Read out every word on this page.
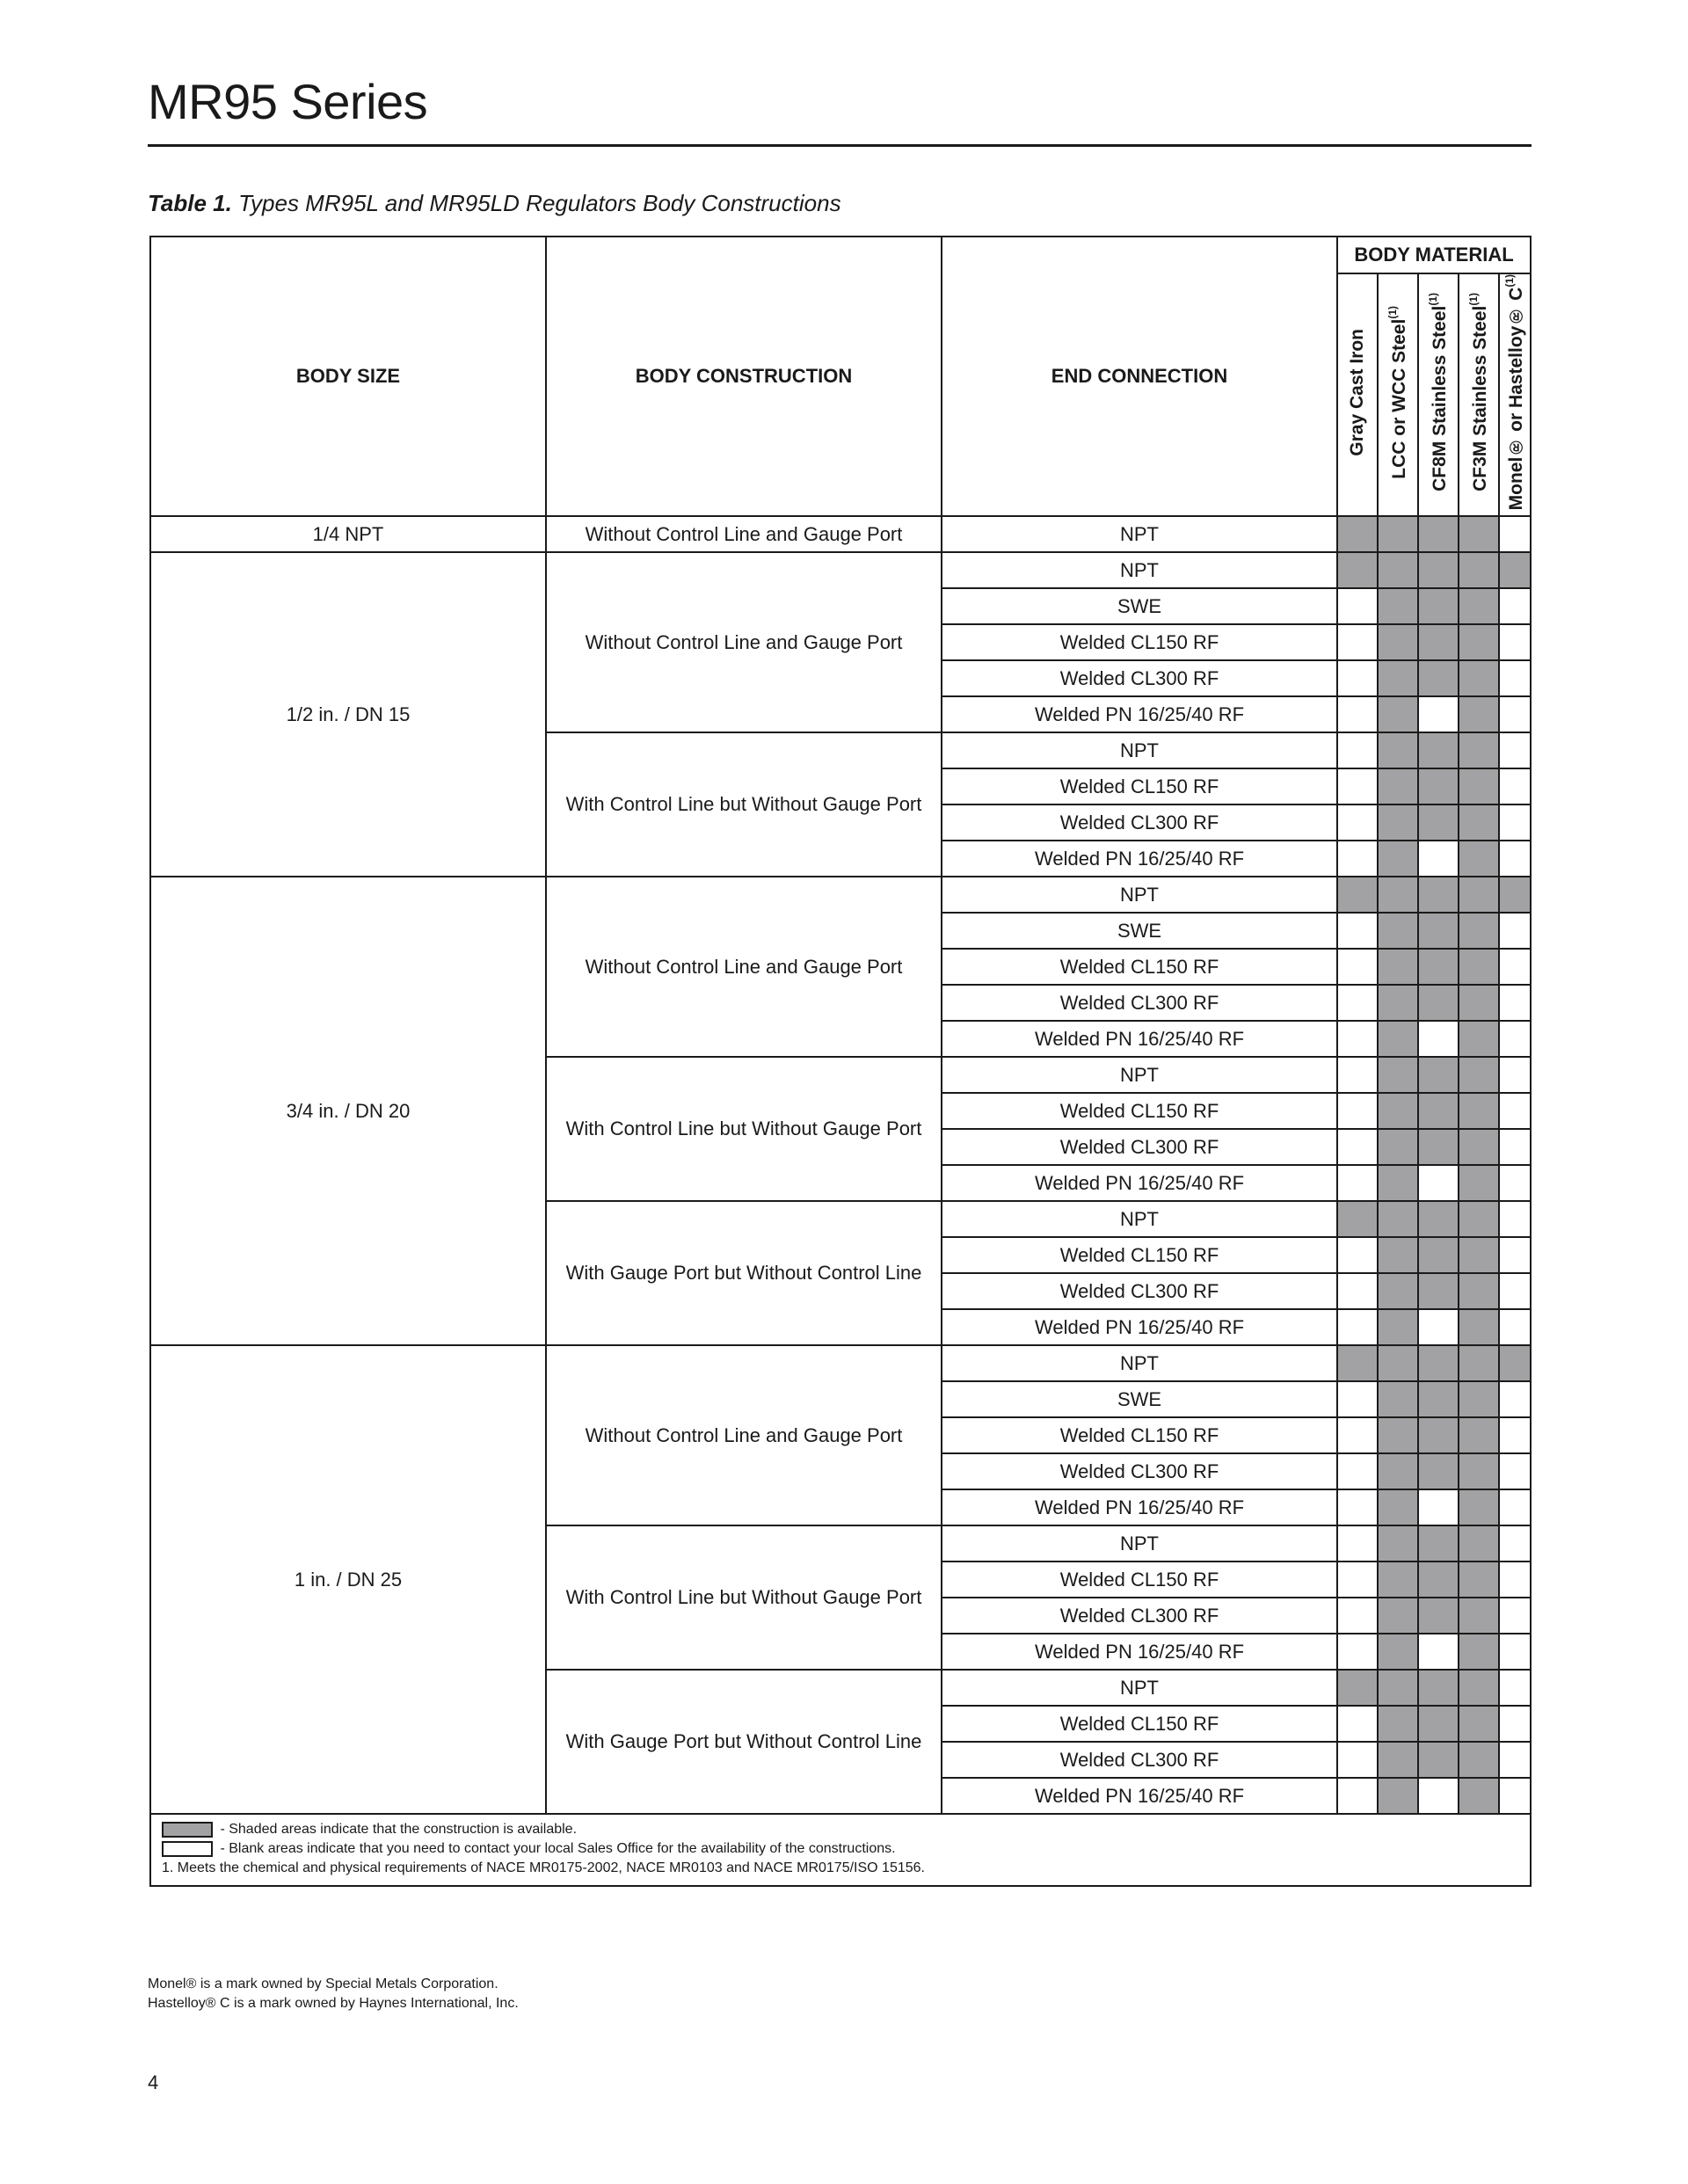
MR95 Series
Table 1. Types MR95L and MR95LD Regulators Body Constructions
BODY SIZE	BODY CONSTRUCTION	END CONNECTION	BODY MATERIAL				
			Gray Cast Iron	LCC or WCC Steel$^{(1)}$	CF8M Stainless Steel$^{(1)}$	CF3M Stainless Steel$^{(1)}$	Monel® or Hastelloy® $C^{(1)}$
1/4 NPT	Without Control Line and Gauge Port	NPT					
1/2 in. / DN 15	Without Control Line and Gauge Port	NPT					
		SWE					
		Welded CL150 RF					
		Welded CL300 RF					
		Welded PN 16/25/40 RF					
	With Control Line but Without Gauge Port	NPT					
		Welded CL150 RF					
		Welded CL300 RF					
		Welded PN 16/25/40 RF					
3/4 in. / DN 20	Without Control Line and Gauge Port	NPT					
		SWE					
		Welded CL150 RF					
		Welded CL300 RF					
		Welded PN 16/25/40 RF					
	With Control Line but Without Gauge Port	NPT					
		Welded CL150 RF					
		Welded CL300 RF					
		Welded PN 16/25/40 RF					
	With Gauge Port but Without Control Line	NPT					
		Welded CL150 RF					
		Welded CL300 RF					
		Welded PN 16/25/40 RF					
1 in. / DN 25	Without Control Line and Gauge Port	NPT					
		SWE					
		Welded CL150 RF					
		Welded CL300 RF					
		Welded PN 16/25/40 RF					
	With Control Line but Without Gauge Port	NPT					
		Welded CL150 RF					
		Welded CL300 RF					
		Welded PN 16/25/40 RF					
	With Gauge Port but Without Control Line	NPT					
		Welded CL150 RF					
		Welded CL300 RF					
		Welded PN 16/25/40 RF					

- Shaded areas indicate that the construction is available.
- Blank areas indicate that you need to contact your local Sales Office for the availability of the constructions.
1. Meets the chemical and physical requirements of NACE MR0175-2002, NACE MR0103 and NACE MR0175/ISO 15156.							
Monel® is a mark owned by Special Metals Corporation.
Hastelloy® C is a mark owned by Haynes International, Inc.
4
